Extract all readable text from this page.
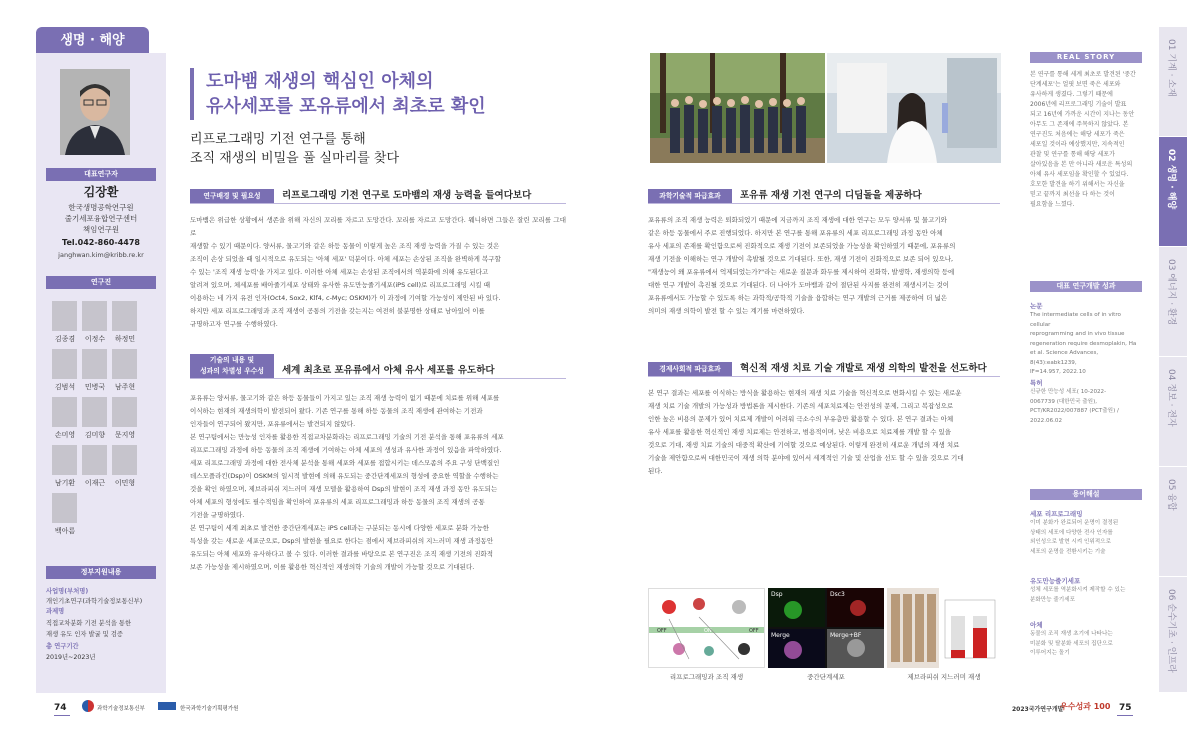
생명 · 해양
대표연구자
김장환
한국생명공학연구원
줄기세포융합연구센터
책임연구원
Tel.042-860-4478
janghwan.kim@kribb.re.kr
연구진
김종겸	이정수	하정민
김범석	민병국	남주현
손미영	김미향	문지영
남기환	이재근	이민형
백아름
정부지원내용
사업명(부처명)
개인기초연구(과학기술정보통신부)
과제명
직접교차분화 기전 분석을 통한
재생 유도 인자 발굴 및 검증
총 연구기간
2019년~2023년
도마뱀 재생의 핵심인 아체의
유사세포를 포유류에서 최초로 확인
리프로그래밍 기전 연구를 통해
조직 재생의 비밀을 풀 실마리를 찾다
연구배경 및 필요성	리프로그래밍 기전 연구로 도마뱀의 재생 능력을 들여다보다
도마뱀은 위급한 상황에서 생존을 위해 자신의 꼬리를 자르고 도망간다. 꼬리를 자르고 도망간다. 웨니하면 그들은 잘린 꼬리를 그대로
재생할 수 있기 때문이다. 양서류, 물고기와 같은 하등 동물이 이렇게 높은 조직 재생 능력을 가질 수 있는 것은
조직이 손상 되었을 때 일시적으로 유도되는 '아체 세포' 덕분이다. 아체 세포는 손상된 조직을 완벽하게 복구할
수 있는 '조직 재생 능력'을 가지고 있다. 이러한 아체 세포는 손상된 조직에서의 역분화에 의해 유도된다고
알려져 있으며, 체세포를 배아줄기세포 상태와 유사한 유도만능줄기세포(iPS cell)로 리프로그래밍 시킬 때
이용하는 네 가지 유전 인자(Oct4, Sox2, Klf4, c-Myc; OSKM)가 이 과정에 기여할 가능성이 제안된 바 있다.
하지만 세포 리프로그래밍과 조직 재생이 공통의 기전을 갖는지는 여전히 불분명한 상태로 남아있어 이를
규명하고자 연구를 수행하였다.
기술의 내용 및
성과의 차별성 우수성	세계 최초로 포유류에서 아체 유사 세포를 유도하다
포유류는 양서류, 물고기와 같은 하등 동물들이 가지고 있는 조직 재생 능력이 없기 때문에 치료를 위해 세포를
이식하는 현재의 재생의학이 발전되어 왔다. 기존 연구를 통해 하등 동물의 조직 재생에 관여하는 기전과
인자들이 연구되어 왔지만, 포유류에서는 발견되지 않았다.
본 연구팀에서는 만능성 인자를 활용한 직접교차분화라는 리프로그래밍 기술의 기전 분석을 통해 포유류의 세포
리프로그래밍 과정에 하등 동물의 조직 재생에 기여하는 아체 세포의 생성과 유사한 과정이 있음을 파악하였다.
세포 리프로그래밍 과정에 대한 전사체 분석을 통해 세포와 세포를 접합시키는 데스모좀의 주요 구성 단백질인
데스모플라킨(Dsp)이 OSKM의 일시적 발현에 의해 유도되는 중간단계세포의 형성에 중요한 역할을 수행하는
것을 확인 하였으며, 제브라피쉬 지느러미 재생 모델을 활용하여 Dsp의 발현이 조직 재생 과정 동안 유도되는
아체 세포의 형성에도 필수적임을 확인하여 포유류의 세포 리프로그래밍과 하등 동물의 조직 재생의 공통
기전을 규명하였다.
본 연구팀이 세계 최초로 발견한 중간단계세포는 iPS cell과는 구분되는 동시에 다양한 세포로 분화 가능한
특성을 갖는 새로운 세포군으로, Dsp의 발현을 필요로 한다는 점에서 제브라피쉬의 지느러미 재생 과정동안
유도되는 아체 세포와 유사하다고 볼 수 있다. 이러한 결과를 바탕으로 본 연구진은 조직 재생 기전의 진화적
보존 가능성을 제시하였으며, 이를 활용한 혁신적인 재생의학 기술의 개발이 가능할 것으로 기대된다.
과학기술적 파급효과	포유류 재생 기전 연구의 디딤돌을 제공하다
포유류의 조직 재생 능력은 퇴화되었기 때문에 지금까지 조직 재생에 대한 연구는 모두 양서류 및 물고기와
같은 하등 동물에서 주로 진행되었다. 하지만 본 연구를 통해 포유류의 세포 리프로그래밍 과정 동안 아체
유사 세포의 존재를 확인함으로써 진화적으로 재생 기전이 보존되었을 가능성을 확인하였기 때문에, 포유류의
재생 기전을 이해하는 연구 개발이 촉발될 것으로 기대된다. 또한, 재생 기전이 진화적으로 보존 되어 있으나,
"재생능이 왜 포유류에서 억제되었는가?"라는 새로운 질문과 화두를 제시하여 진화학, 발생학, 재생의학 등에
대한 연구 개발이 촉진될 것으로 기대된다. 더 나아가 도마뱀과 같이 절단된 사지를 완전히 재생시키는 것이
포유류에서도 가능할 수 있도록 하는 과학적/공학적 기술을 융합하는 연구 개발의 근거를 제공하여 더 넓은
의미의 재생 의학이 발전 할 수 있는 계기를 마련하였다.
경제사회적 파급효과	혁신적 재생 치료 기술 개발로 재생 의학의 발전을 선도하다
본 연구 결과는 세포를 이식하는 방식을 활용하는 현재의 재생 치료 기술을 혁신적으로 변화시킬 수 있는 새로운
재생 치료 기술 개발의 가능성과 방법론을 제시한다. 기존의 세포치료제는 안전성의 문제, 그리고 복잡성으로
인한 높은 비용의 문제가 있어 치료제 개발이 어려워 극소수의 부유층만 활용할 수 있다. 본 연구 결과는 아체
유사 세포를 활용한 혁신적인 재생 치료제는 안전하고, 범용적이며, 낮은 비용으로 치료제를 개발 할 수 있을
것으로 기대, 재생 치료 기술의 대중적 확산에 기여할 것으로 예상된다. 이렇게 완전히 새로운 개념의 재생 치료
기술을 제안함으로써 대한민국이 재생 의학 분야에 있어서 세계적인 기술 및 산업을 선도 할 수 있을 것으로 기대
된다.
OFF	ON	OFF
Dsp	Dsc3
Merge	Merge+BF
리프로그래밍과 조직 재생	중간단계세포	제브라피쉬 지느러미 재생
REAL STORY
본 연구를 통해 세계 최초로 발견된 '중간
단계세포'는 얼핏 보면 죽은 세포와
유사하게 생겼다. 그렇기 때문에
2006년에 리프로그래밍 기술이 발표
되고 16년에 가까운 시간이 지나는 동안
아무도 그 존재에 주목하지 않았다. 본
연구진도 처음에는 해당 세포가 죽은
세포일 것이라 예상했지만, 지속적인
관찰 및 연구를 통해 해당 세포가
살아있음을 본 만 아니라 새로운 특성의
아체 유사 세포임을 확인할 수 있었다.
호모한 발견을 하기 위해서는 자신을
믿고 끝까지 최선을 다 하는 것이
필요함을 느꼈다.
대표 연구개발 성과
논문
The intermediate cells of in vitro cellular
reprogramming and in vivo tissue
regeneration require desmoplakin, Ha
et al. Science Advances, 8(43):eabk1239,
IF=14.957, 2022.10
특허
신규한 만능성 세포( 10-2022-
0067739 (대한민국 출원),
PCT/KR2022/007887 (PCT출원) /
2022.06.02
용어해설
세포 리프로그래밍
이미 분화가 완료되어 운명이 결정된
상태의 세포에 다양한 전사 인자를
외인성으로 발현 시켜 인위적으로
세포의 운명을 전환시키는 기술
유도만능줄기세포
성체 세포를 역분화시켜 제작할 수 있는
분화만능 줄기세포
아체
동물의 조직 재생 초기에 나타나는
미분화 및 탈분화 세포의 집단으로
이루어지는 돌기
01 기계 · 소재
02 생명 · 해양
03 에너지 · 환경
04 정보 · 전자
05 융합
06 순수기초 · 인프라
74	과학기술정보통신부	한국과학기술기획평가원	2023국가연구개발
우수성과 100 75
